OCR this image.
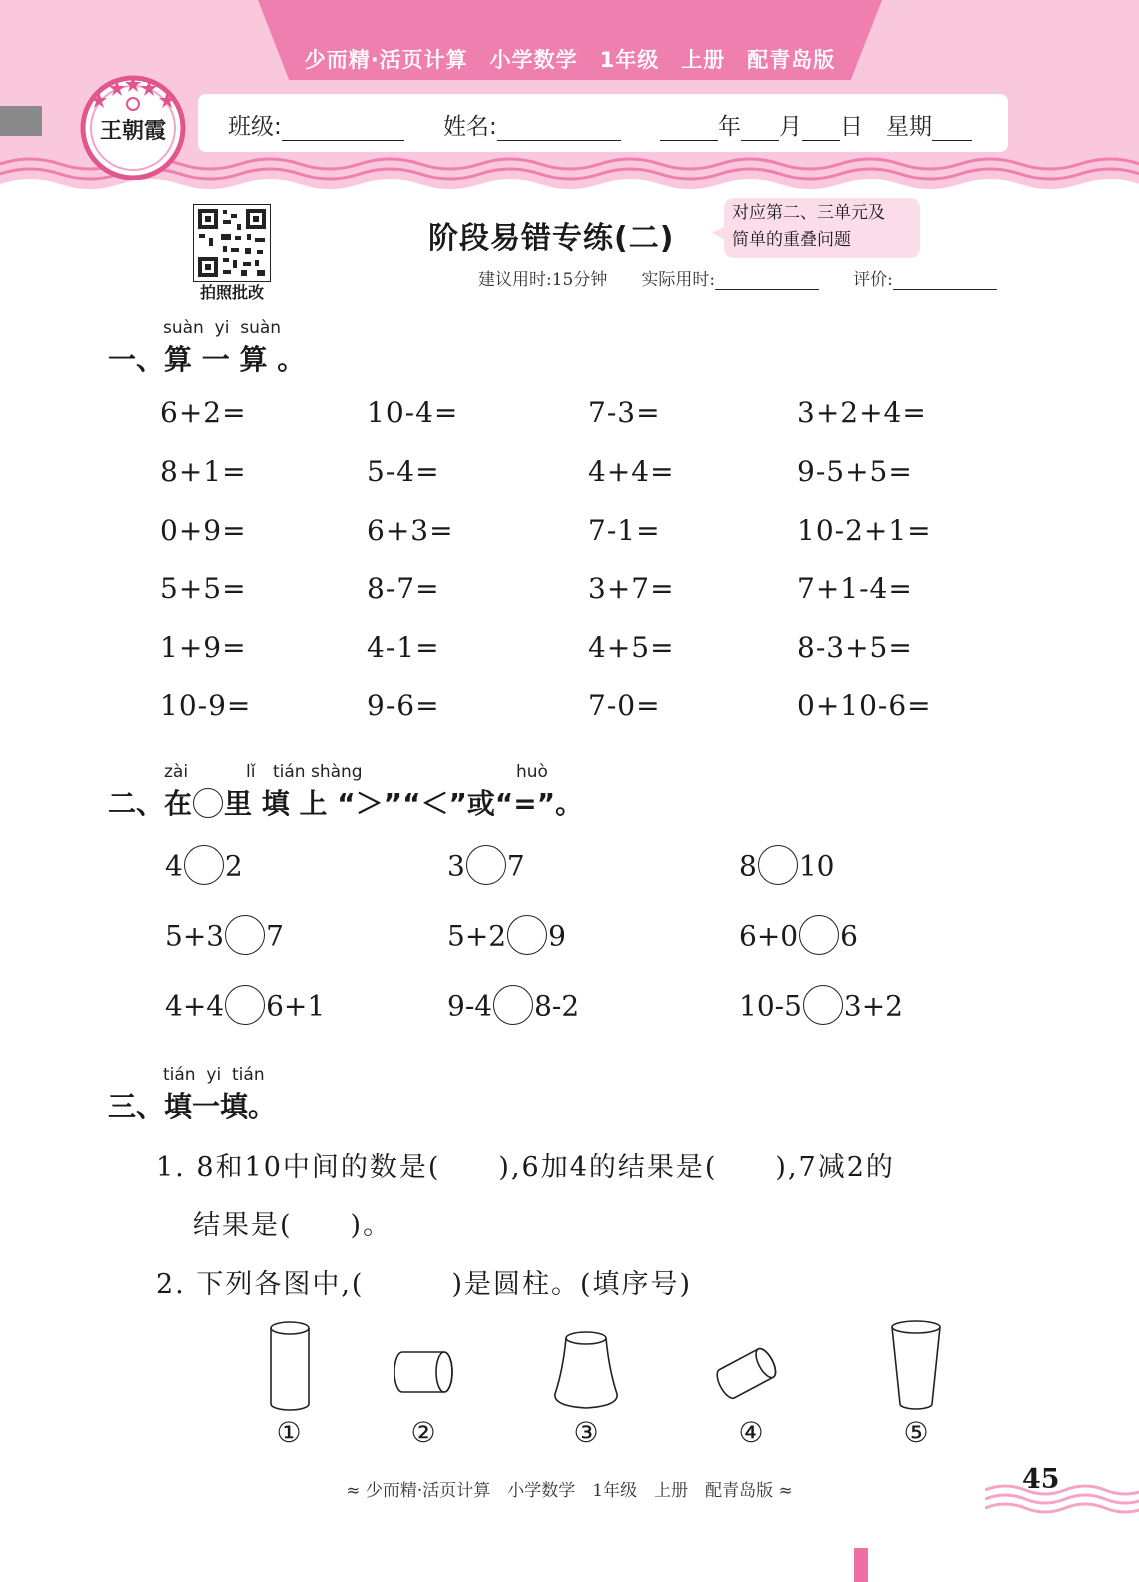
少而精·活页计算　小学数学　1年级　上册　配青岛版
班级:	姓名:	年 月 日　 星期
王朝霞
拍照批改
阶段易错专练(二)
对应第二、三单元及
简单的重叠问题
建议用时:15分钟　　 实际用时:　　	评价:
suàn yi suàn
一、算 一 算 。
6+2=	10-4=	7-3=	3+2+4=
8+1=	5-4=	4+4=	9-5+5=
0+9=	6+3=	7-1=	10-2+1=
5+5=	8-7=	3+7=	7+1-4=
1+9=	4-1=	4+5=	8-3+5=
10-9=	9-6=	7-0=	0+10-6=
zài	lǐ tián shàng	huò
二、在 里 填 上 “＞”“＜”或“=”。
4 2	3 7	8 10
5+3 7	5+2 9	6+0 6
4+4 6+1	9-4 8-2	10-5 3+2
tián yi tián
三、填一填。
1. 8和10中间的数是(　　),6加4的结果是(　　),7减2的
结果是(　　)。
2. 下列各图中,(　　　)是圆柱。(填序号)
①	②	③	④	⑤
≈ 少而精·活页计算　小学数学　1年级　上册　配青岛版 ≈	45
